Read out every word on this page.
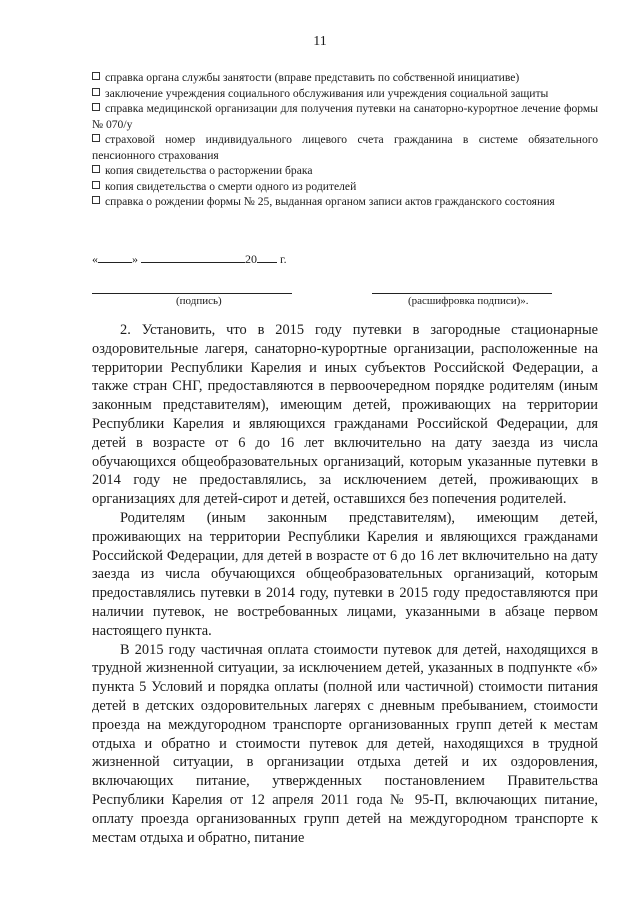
11

справка органа службы занятости (вправе представить по собственной инициативе)

заключение учреждения социального обслуживания или учреждения социальной защиты

справка медицинской организации для получения путевки на санаторно-курортное лечение формы № 070/у

страховой номер индивидуального лицевого счета гражданина в системе обязательного пенсионного страхования

копия свидетельства о расторжении брака

копия свидетельства о смерти одного из родителей

справка о рождении формы № 25, выданная органом записи актов гражданского состояния

«	»	20 г.
(подпись)	(расшифровка подписи)».

2. Установить, что в 2015 году путевки в загородные стационарные оздоровительные лагеря, санаторно-курортные организации, расположенные на территории Республики Карелия и иных субъектов Российской Федерации, а также стран СНГ, предоставляются в первоочередном порядке родителям (иным законным представителям), имеющим детей, проживающих на территории Республики Карелия и являющихся гражданами Российской Федерации, для детей в возрасте от 6 до 16 лет включительно на дату заезда из числа обучающихся общеобразовательных организаций, которым указанные путевки в 2014 году не предоставлялись, за исключением детей, проживающих в организациях для детей-сирот и детей, оставшихся без попечения родителей.

Родителям (иным законным представителям), имеющим детей, проживающих на территории Республики Карелия и являющихся гражданами Российской Федерации, для детей в возрасте от 6 до 16 лет включительно на дату заезда из числа обучающихся общеобразовательных организаций, которым предоставлялись путевки в 2014 году, путевки в 2015 году предоставляются при наличии путевок, не востребованных лицами, указанными в абзаце первом настоящего пункта.

В 2015 году частичная оплата стоимости путевок для детей, находящихся в трудной жизненной ситуации, за исключением детей, указанных в подпункте «б» пункта 5 Условий и порядка оплаты (полной или частичной) стоимости питания детей в детских оздоровительных лагерях с дневным пребыванием, стоимости проезда на междугородном транспорте организованных групп детей к местам отдыха и обратно и стоимости путевок для детей, находящихся в трудной жизненной ситуации, в организации отдыха детей и их оздоровления, включающих питание, утвержденных постановлением Правительства Республики Карелия от 12 апреля 2011 года № 95-П, включающих питание, оплату проезда организованных групп детей на междугородном транспорте к местам отдыха и обратно, питание
